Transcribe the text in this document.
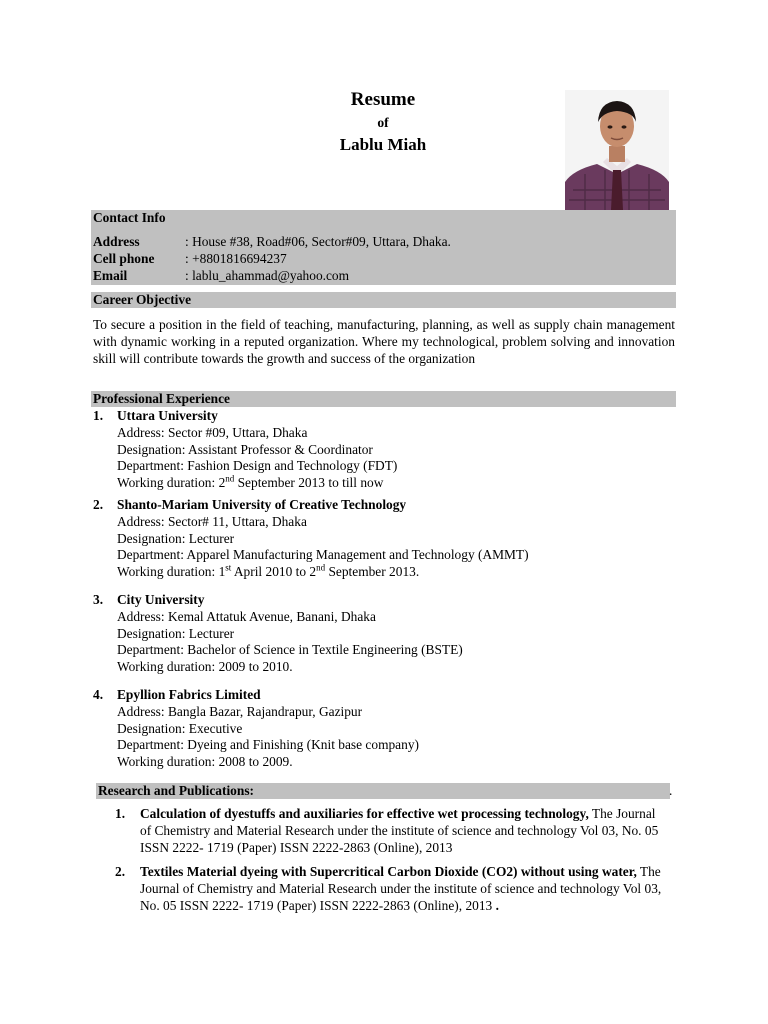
Resume
of
Lablu Miah
Contact Info
Address	: House #38, Road#06, Sector#09, Uttara, Dhaka.
Cell phone : +8801816694237
Email	: lablu_ahammad@yahoo.com
Career Objective
To secure a position in the field of teaching, manufacturing, planning, as well as supply chain management with dynamic working in a reputed organization. Where my technological, problem solving and innovation skill will contribute towards the growth and success of the organization
Professional Experience
1. Uttara University
Address: Sector #09, Uttara, Dhaka
Designation: Assistant Professor & Coordinator
Department: Fashion Design and Technology (FDT)
Working duration: 2nd September 2013 to till now
2. Shanto-Mariam University of Creative Technology
Address: Sector# 11, Uttara, Dhaka
Designation: Lecturer
Department: Apparel Manufacturing Management and Technology (AMMT)
Working duration: 1st April 2010 to 2nd September 2013.
3. City University
Address: Kemal Attatuk Avenue, Banani, Dhaka
Designation: Lecturer
Department: Bachelor of Science in Textile Engineering (BSTE)
Working duration: 2009 to 2010.
4. Epyllion Fabrics Limited
Address: Bangla Bazar, Rajandrapur, Gazipur
Designation: Executive
Department: Dyeing and Finishing (Knit base company)
Working duration: 2008 to 2009.
Research and Publications:	.
1. Calculation of dyestuffs and auxiliaries for effective wet processing technology, The Journal of Chemistry and Material Research under the institute of science and technology Vol 03, No. 05 ISSN 2222- 1719 (Paper) ISSN 2222-2863 (Online), 2013
2. Textiles Material dyeing with Supercritical Carbon Dioxide (CO2) without using water, The Journal of Chemistry and Material Research under the institute of science and technology Vol 03, No. 05 ISSN 2222- 1719 (Paper) ISSN 2222-2863 (Online), 2013 .
